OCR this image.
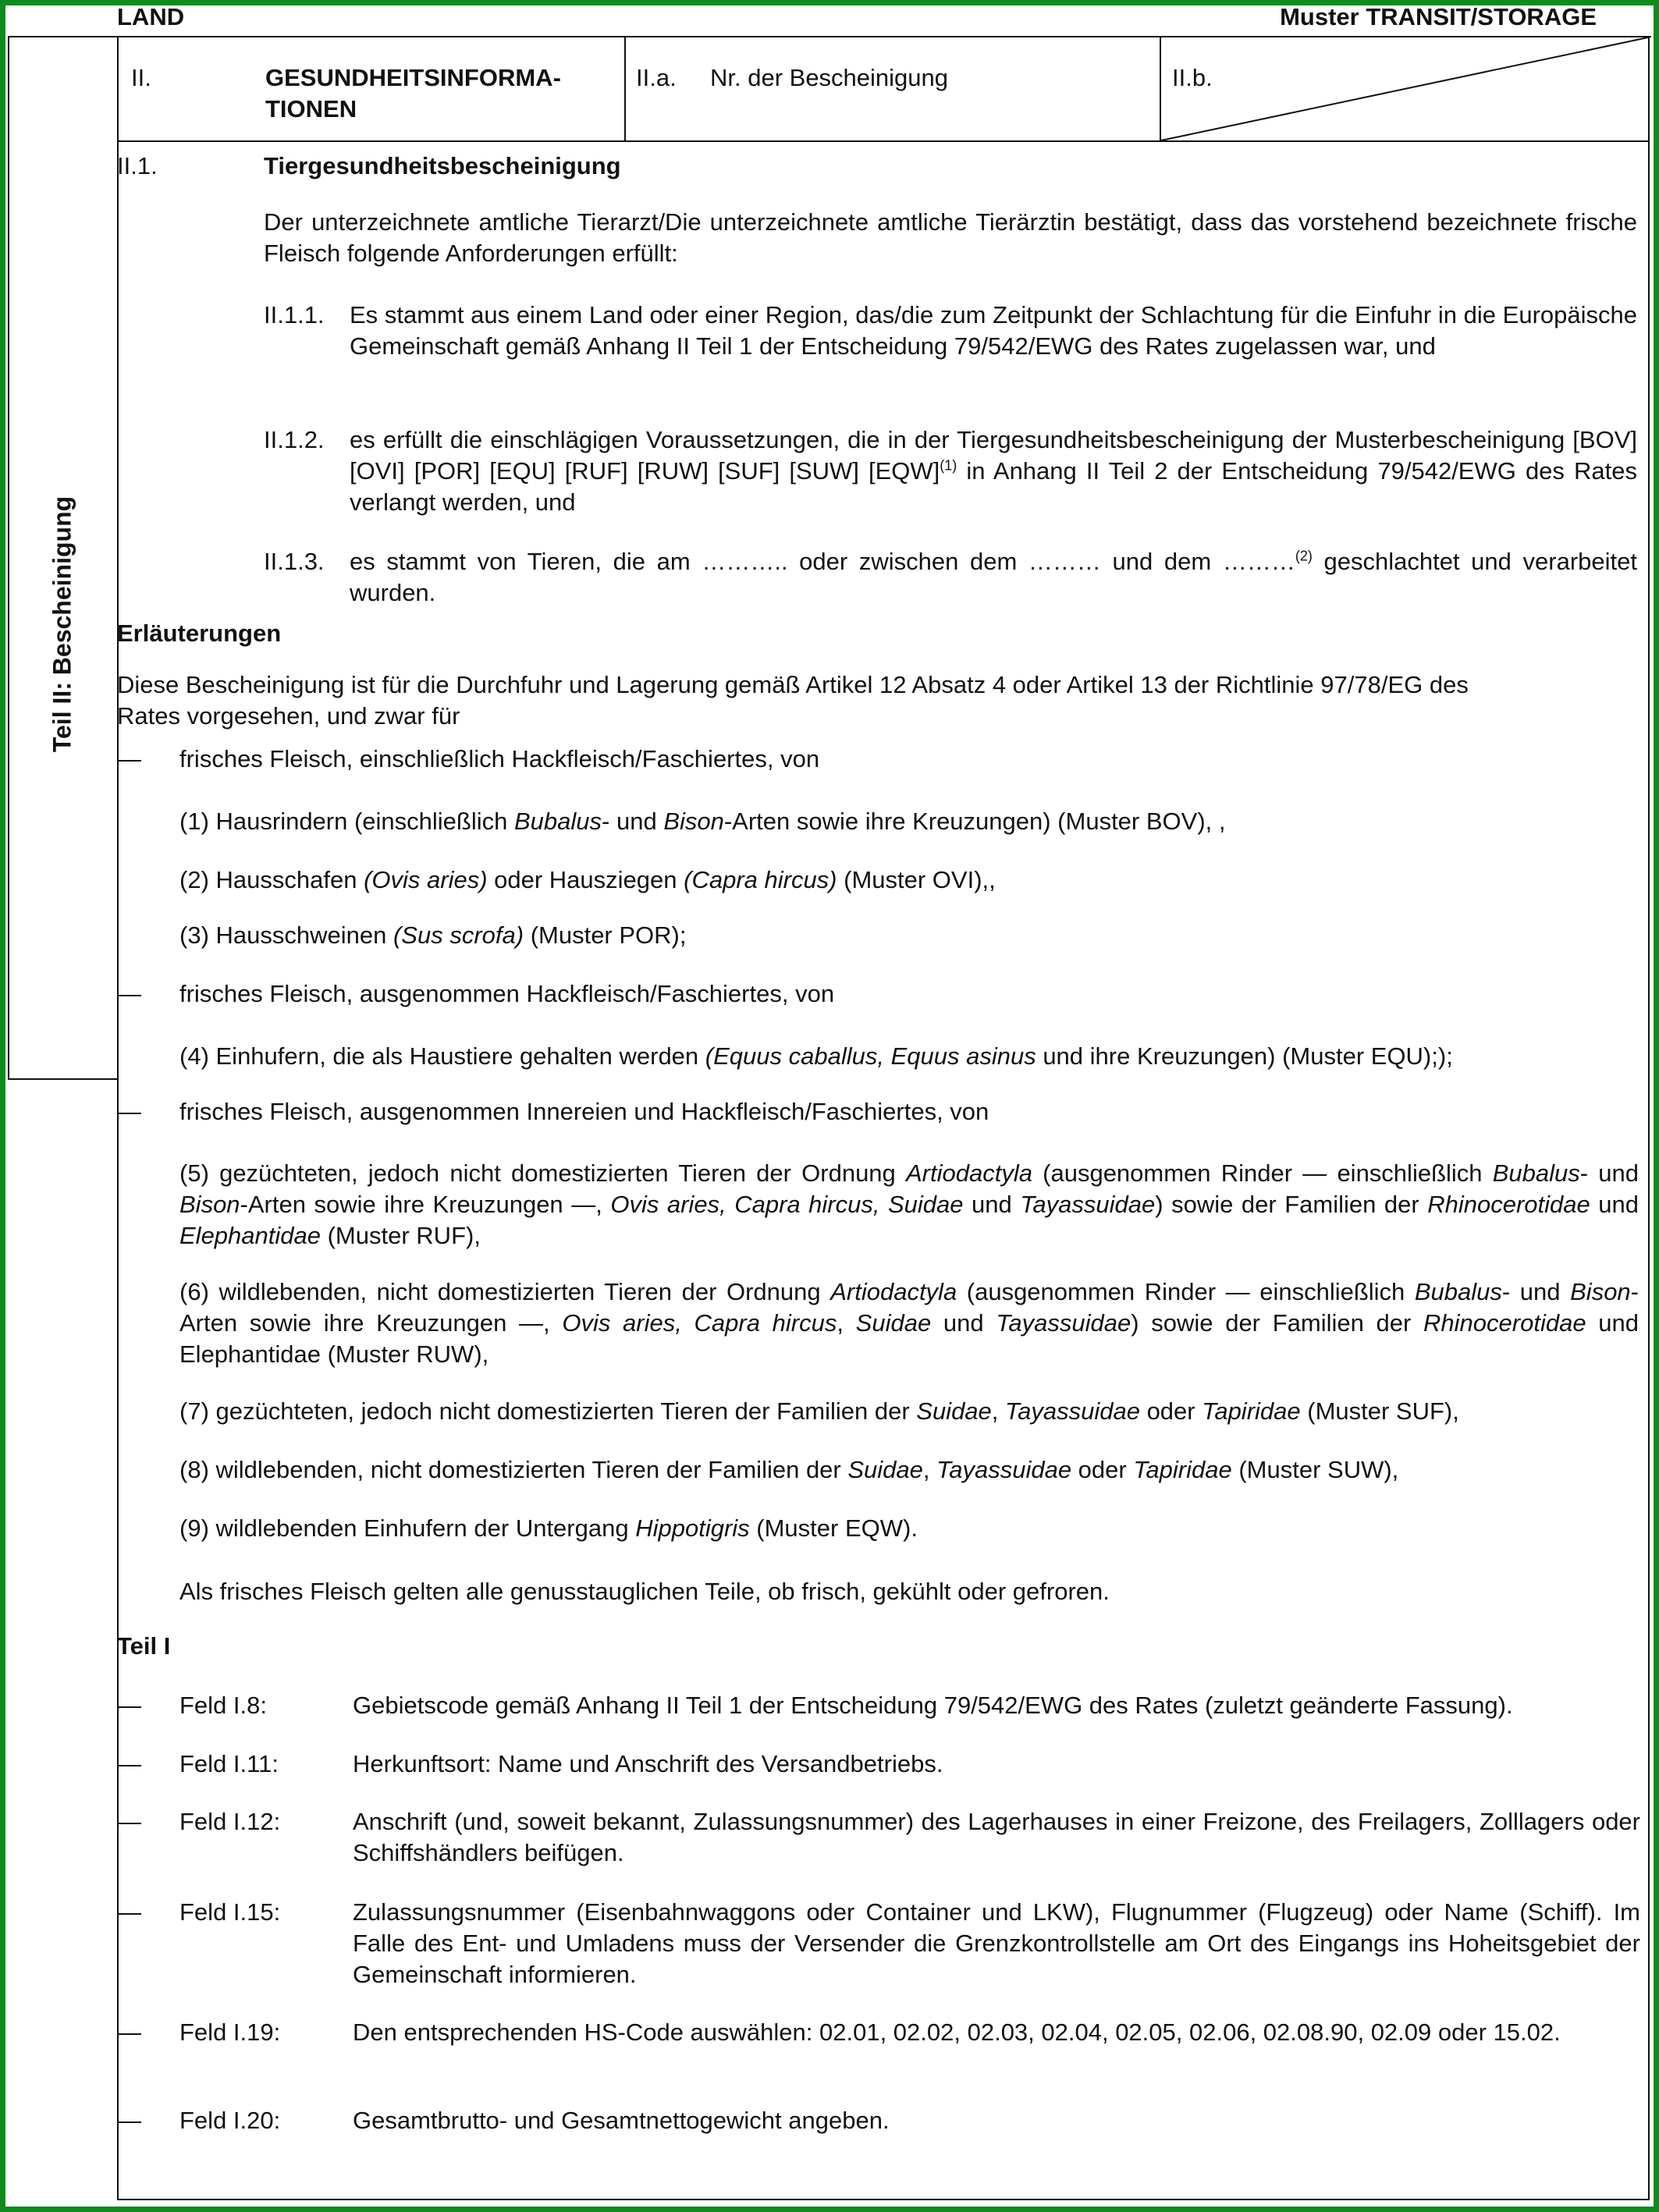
LAND	Muster TRANSIT/STORAGE
Teil II: Bescheinigung
II.	GESUNDHEITSINFORMA-
TIONEN
II.a. Nr. der Bescheinigung	II.b.
II.1.	Tiergesundheitsbescheinigung
Der unterzeichnete amtliche Tierarzt/Die unterzeichnete amtliche Tierärztin bestätigt, dass das vorstehend bezeichnete frische Fleisch folgende Anforderungen erfüllt:
II.1.1. Es stammt aus einem Land oder einer Region, das/die zum Zeitpunkt der Schlachtung für die Einfuhr in die Europäische Gemeinschaft gemäß Anhang II Teil 1 der Entscheidung 79/542/EWG des Rates zugelassen war, und
II.1.2. es erfüllt die einschlägigen Voraussetzungen, die in der Tiergesundheitsbescheinigung der Musterbescheinigung [BOV] [OVI] [POR] [EQU] [RUF] [RUW] [SUF] [SUW] [EQW]$^{(1)}$ in Anhang II Teil 2 der Entscheidung 79/542/EWG des Rates verlangt werden, und
II.1.3. es stammt von Tieren, die am ……….. oder zwischen dem ……… und dem ………$^{(2)}$ geschlachtet und verarbeitet wurden.
Erläuterungen
Diese Bescheinigung ist für die Durchfuhr und Lagerung gemäß Artikel 12 Absatz 4 oder Artikel 13 der Richtlinie 97/78/EG des Rates vorgesehen, und zwar für
— frisches Fleisch, einschließlich Hackfleisch/Faschiertes, von
(1) Hausrindern (einschließlich Bubalus- und Bison-Arten sowie ihre Kreuzungen) (Muster BOV), ,
(2) Hausschafen (Ovis aries) oder Hausziegen (Capra hircus) (Muster OVI),,
(3) Hausschweinen (Sus scrofa) (Muster POR);
— frisches Fleisch, ausgenommen Hackfleisch/Faschiertes, von
(4) Einhufern, die als Haustiere gehalten werden (Equus caballus, Equus asinus und ihre Kreuzungen) (Muster EQU););
— frisches Fleisch, ausgenommen Innereien und Hackfleisch/Faschiertes, von
(5) gezüchteten, jedoch nicht domestizierten Tieren der Ordnung Artiodactyla (ausgenommen Rinder — einschließlich Bubalus- und Bison-Arten sowie ihre Kreuzungen —, Ovis aries, Capra hircus, Suidae und Tayassuidae) sowie der Familien der Rhinocerotidae und Elephantidae (Muster RUF),
(6) wildlebenden, nicht domestizierten Tieren der Ordnung Artiodactyla (ausgenommen Rinder — einschließlich Bubalus- und Bison-Arten sowie ihre Kreuzungen —, Ovis aries, Capra hircus, Suidae und Tayassuidae) sowie der Familien der Rhinocerotidae und Elephantidae (Muster RUW),
(7) gezüchteten, jedoch nicht domestizierten Tieren der Familien der Suidae, Tayassuidae oder Tapiridae (Muster SUF),
(8) wildlebenden, nicht domestizierten Tieren der Familien der Suidae, Tayassuidae oder Tapiridae (Muster SUW),
(9) wildlebenden Einhufern der Untergang Hippotigris (Muster EQW).
Als frisches Fleisch gelten alle genusstauglichen Teile, ob frisch, gekühlt oder gefroren.
Teil I
— Feld I.8:	Gebietscode gemäß Anhang II Teil 1 der Entscheidung 79/542/EWG des Rates (zuletzt geänderte Fassung).
— Feld I.11:	Herkunftsort: Name und Anschrift des Versandbetriebs.
— Feld I.12:	Anschrift (und, soweit bekannt, Zulassungsnummer) des Lagerhauses in einer Freizone, des Freilagers, Zolllagers oder Schiffshändlers beifügen.
— Feld I.15:	Zulassungsnummer (Eisenbahnwaggons oder Container und LKW), Flugnummer (Flugzeug) oder Name (Schiff). Im Falle des Ent- und Umladens muss der Versender die Grenzkontrollstelle am Ort des Eingangs ins Hoheitsgebiet der Gemeinschaft informieren.
— Feld I.19:	Den entsprechenden HS-Code auswählen: 02.01, 02.02, 02.03, 02.04, 02.05, 02.06, 02.08.90, 02.09 oder 15.02.
— Feld I.20:	Gesamtbrutto- und Gesamtnettogewicht angeben.
